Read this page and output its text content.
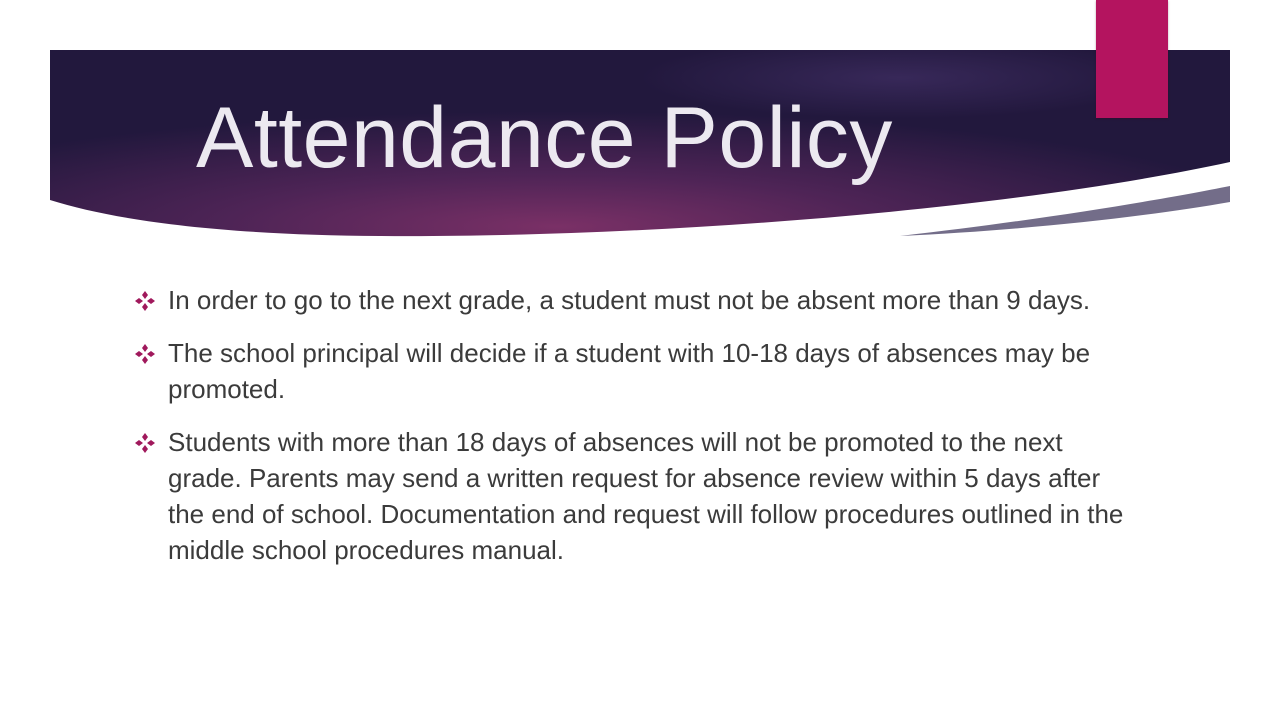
Attendance Policy
In order to go to the next grade, a student must not be absent more than 9 days.
The school principal will decide if a student with 10-18 days of absences may be promoted.
Students with more than 18 days of absences will not be promoted to the next grade. Parents may send a written request for absence review within 5 days after the end of school. Documentation and request will follow procedures outlined in the middle school procedures manual.
